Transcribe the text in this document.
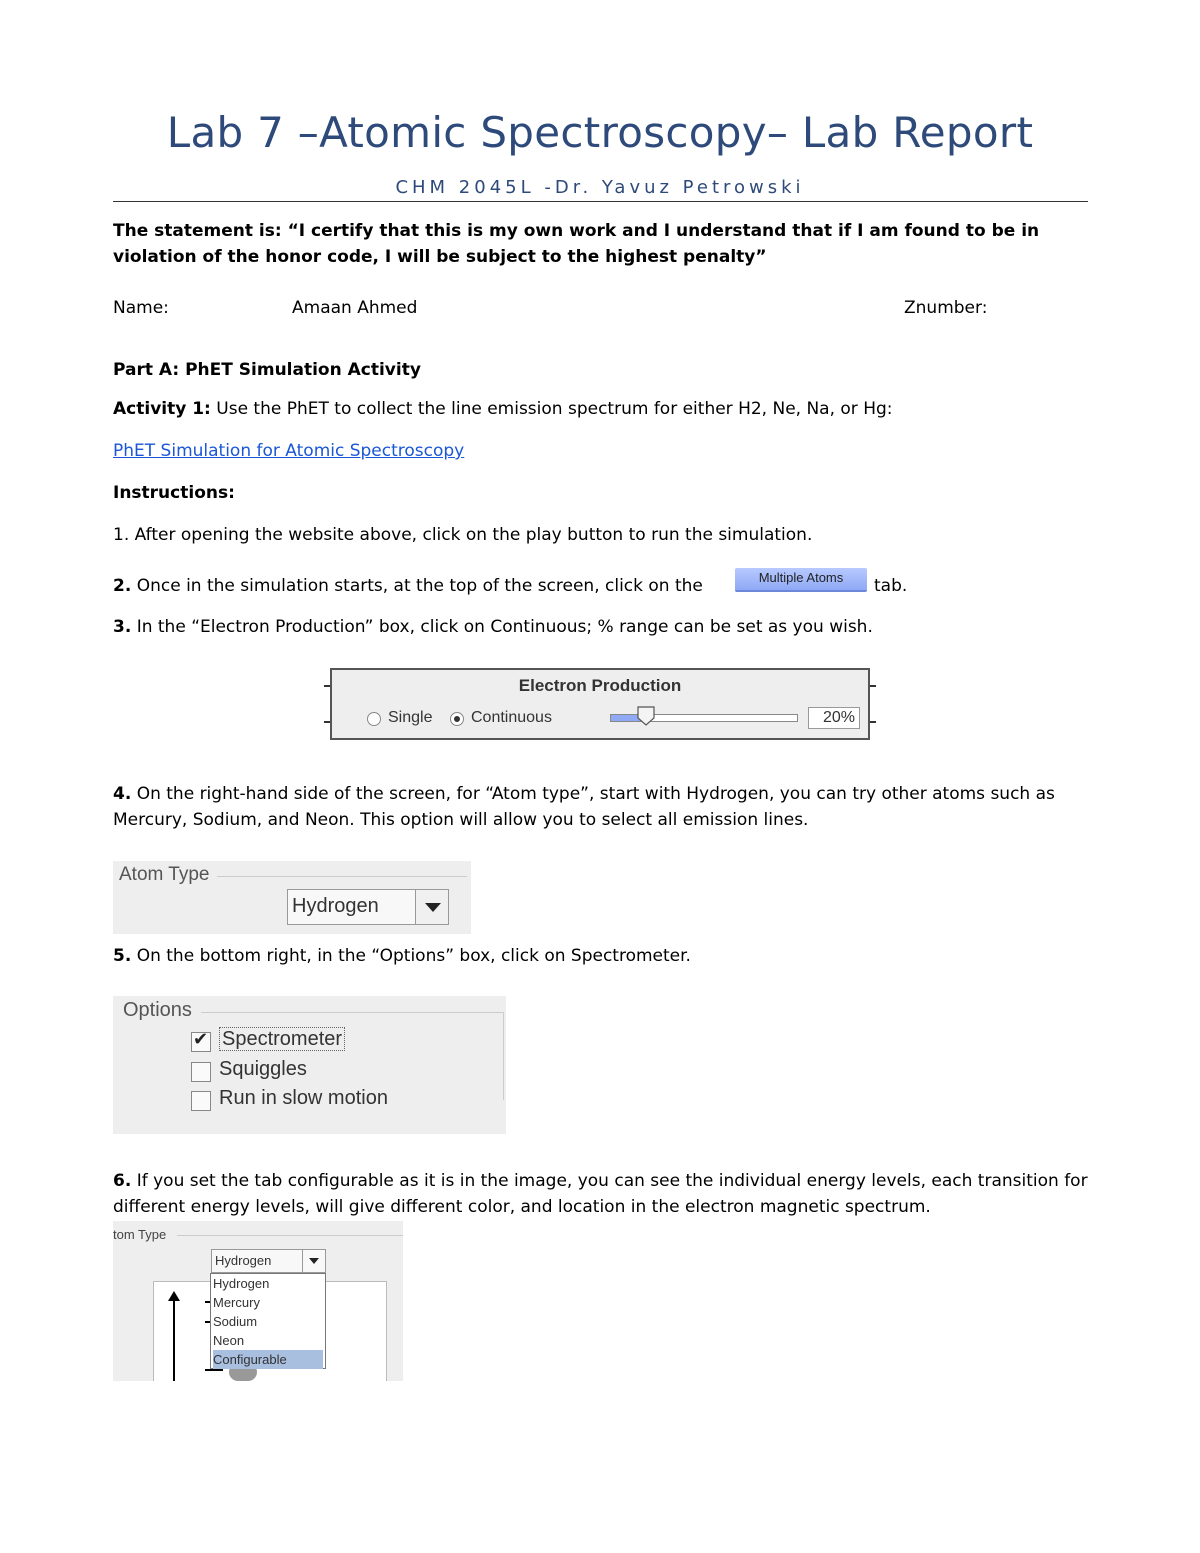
Lab 7 –Atomic Spectroscopy– Lab Report
CHM 2045L -Dr. Yavuz Petrowski
The statement is: “I certify that this is my own work and I understand that if I am found to be in violation of the honor code, I will be subject to the highest penalty”
Name:	Amaan Ahmed	Znumber:
Part A: PhET Simulation Activity
Activity 1: Use the PhET to collect the line emission spectrum for either H2, Ne, Na, or Hg:
PhET Simulation for Atomic Spectroscopy
Instructions:
1. After opening the website above, click on the play button to run the simulation.
2. Once in the simulation starts, at the top of the screen, click on the	Multiple Atoms	tab.
3. In the “Electron Production” box, click on Continuous; % range can be set as you wish.
Electron Production
Single Continuous	20%
4. On the right-hand side of the screen, for “Atom type”, start with Hydrogen, you can try other atoms such as Mercury, Sodium, and Neon. This option will allow you to select all emission lines.
Atom Type
Hydrogen
5. On the bottom right, in the “Options” box, click on Spectrometer.
Options
✔ Spectrometer
Squiggles
Run in slow motion
6. If you set the tab configurable as it is in the image, you can see the individual energy levels, each transition for different energy levels, will give different color, and location in the electron magnetic spectrum.
tom Type
Hydrogen
Hydrogen
Mercury
Sodium
Neon
Configurable
